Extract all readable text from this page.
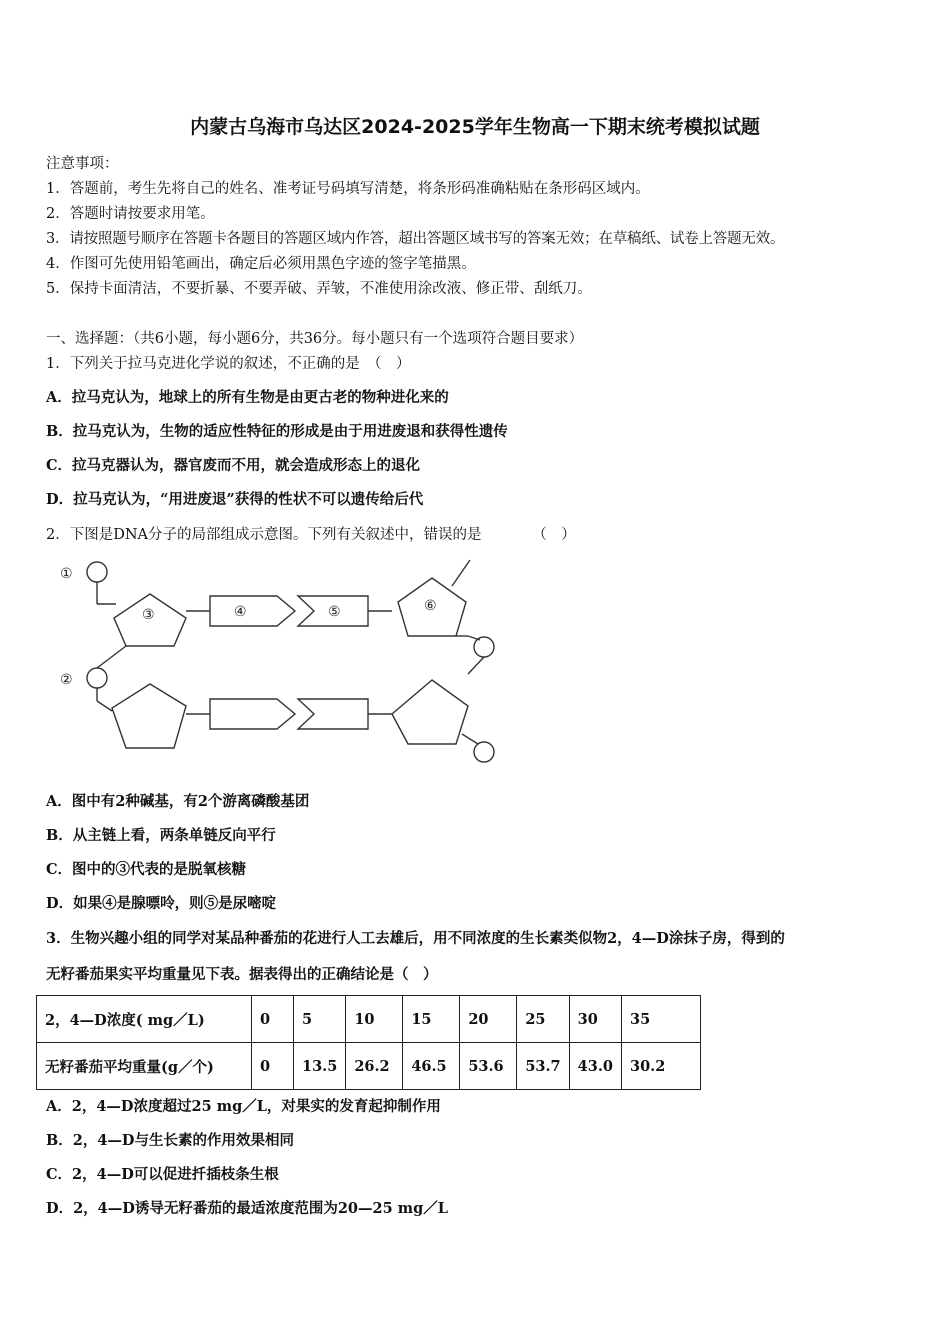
内蒙古乌海市乌达区2024-2025学年生物高一下期末统考模拟试题
注意事项：
1．答题前，考生先将自己的姓名、准考证号码填写清楚，将条形码准确粘贴在条形码区域内。
2．答题时请按要求用笔。
3．请按照题号顺序在答题卡各题目的答题区域内作答，超出答题区域书写的答案无效；在草稿纸、试卷上答题无效。
4．作图可先使用铅笔画出，确定后必须用黑色字迹的签字笔描黑。
5．保持卡面清洁，不要折暴、不要弄破、弄皱，不准使用涂改液、修正带、刮纸刀。
一、选择题：（共6小题，每小题6分，共36分。每小题只有一个选项符合题目要求）
1．下列关于拉马克进化学说的叙述，不正确的是　（　）
A．拉马克认为，地球上的所有生物是由更古老的物种进化来的
B．拉马克认为，生物的适应性特征的形成是由于用进废退和获得性遗传
C．拉马克器认为，器官废而不用，就会造成形态上的退化
D．拉马克认为，“用进废退”获得的性状不可以遗传给后代
2．下图是DNA分子的局部组成示意图。下列有关叙述中，错误的是　　　　（　）
①
②
③	④	⑤	⑥
A．图中有2种碱基，有2个游离磷酸基团
B．从主链上看，两条单链反向平行
C．图中的③代表的是脱氧核糖
D．如果④是腺嘌呤，则⑤是尿嘧啶
3．生物兴趣小组的同学对某品种番茄的花进行人工去雄后，用不同浓度的生长素类似物2，4—D涂抹子房，得到的
无籽番茄果实平均重量见下表。据表得出的正确结论是（　）
2，4—D浓度( mg／L)	0	5	10	15	20	25	30	35
无籽番茄平均重量(g／个)	0	13.5	26.2	46.5	53.6	53.7	43.0	30.2
A．2，4—D浓度超过25 mg／L，对果实的发育起抑制作用
B．2，4—D与生长素的作用效果相同
C．2，4—D可以促进扦插枝条生根
D．2，4—D诱导无籽番茄的最适浓度范围为20—25 mg／L
